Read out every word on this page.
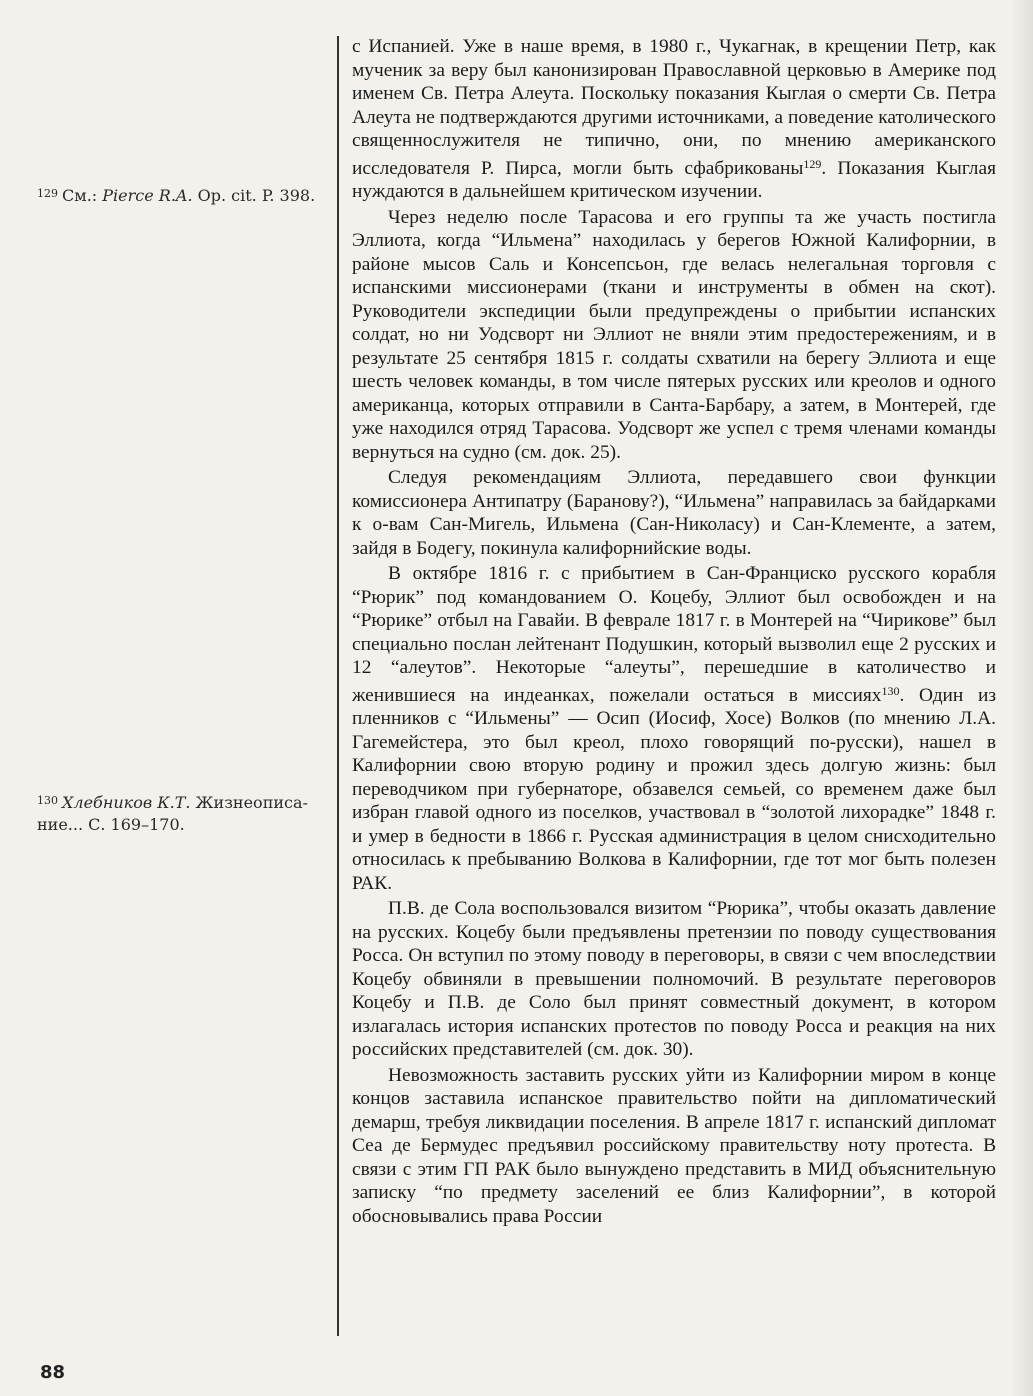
$^{129}$ См.: Pierce R.A. Op. cit. P. 398.
$^{130}$ Хлебников К.Т. Жизнеописа-ние... С. 169–170.

с Испанией. Уже в наше время, в 1980 г., Чукагнак, в крещении Петр, как мученик за веру был канонизирован Православной церковью в Америке под именем Св. Петра Алеута. Поскольку показания Кыглая о смерти Св. Петра Алеута не подтверждаются другими источниками, а поведение католического священнослужителя не типично, они, по мнению американского исследователя Р. Пирса, могли быть сфабрикованы$^{129}$. Показания Кыглая нуждаются в дальнейшем критическом изучении.

Через неделю после Тарасова и его группы та же участь постигла Эллиота, когда “Ильмена” находилась у берегов Южной Калифорнии, в районе мысов Саль и Консепсьон, где велась нелегальная торговля с испанскими миссионерами (ткани и инструменты в обмен на скот). Руководители экспедиции были предупреждены о прибытии испанских солдат, но ни Уодсворт ни Эллиот не вняли этим предостережениям, и в результате 25 сентября 1815 г. солдаты схватили на берегу Эллиота и еще шесть человек команды, в том числе пятерых русских или креолов и одного американца, которых отправили в Санта-Барбару, а затем, в Монтерей, где уже находился отряд Тарасова. Уодсворт же успел с тремя членами команды вернуться на судно (см. док. 25).

Следуя рекомендациям Эллиота, передавшего свои функции комиссионера Антипатру (Баранову?), “Ильмена” направилась за байдарками к о-вам Сан-Мигель, Ильмена (Сан-Николасу) и Сан-Клементе, а затем, зайдя в Бодегу, покинула калифорнийские воды.

В октябре 1816 г. с прибытием в Сан-Франциско русского корабля “Рюрик” под командованием О. Коцебу, Эллиот был освобожден и на “Рюрике” отбыл на Гавайи. В феврале 1817 г. в Монтерей на “Чирикове” был специально послан лейтенант Подушкин, который вызволил еще 2 русских и 12 “алеутов”. Некоторые “алеуты”, перешедшие в католичество и женившиеся на индеанках, пожелали остаться в миссиях$^{130}$. Один из пленников с “Ильмены” — Осип (Иосиф, Хосе) Волков (по мнению Л.А. Гагемейстера, это был креол, плохо говорящий по-русски), нашел в Калифорнии свою вторую родину и прожил здесь долгую жизнь: был переводчиком при губернаторе, обзавелся семьей, со временем даже был избран главой одного из поселков, участвовал в “золотой лихорадке” 1848 г. и умер в бедности в 1866 г. Русская администрация в целом снисходительно относилась к пребыванию Волкова в Калифорнии, где тот мог быть полезен РАК.

П.В. де Сола воспользовался визитом “Рюрика”, чтобы оказать давление на русских. Коцебу были предъявлены претензии по поводу существования Росса. Он вступил по этому поводу в переговоры, в связи с чем впоследствии Коцебу обвиняли в превышении полномочий. В результате переговоров Коцебу и П.В. де Соло был принят совместный документ, в котором излагалась история испанских протестов по поводу Росса и реакция на них российских представителей (см. док. 30).

Невозможность заставить русских уйти из Калифорнии миром в конце концов заставила испанское правительство пойти на дипломатический демарш, требуя ликвидации поселения. В апреле 1817 г. испанский дипломат Сеа де Бермудес предъявил российскому правительству ноту протеста. В связи с этим ГП РАК было вынуждено представить в МИД объяснительную записку “по предмету заселений ее близ Калифорнии”, в которой обосновывались права России

88
